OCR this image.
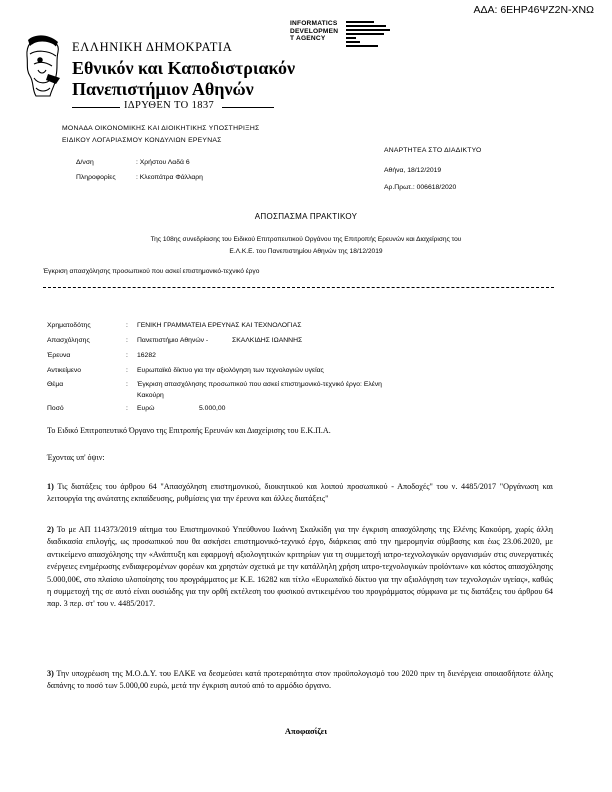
ΑΔΑ: 6ΕΗΡ46ΨΖ2Ν-ΧΝΩ
INFORMATICS
DEVELOPMEN
T AGENCY
ΕΛΛΗΝΙΚΗ ΔΗΜΟΚΡΑΤΙΑ
Εθνικόν και Καποδιστριακόν
Πανεπιστήμιον Αθηνών
ΙΔΡΥΘΕΝ ΤΟ 1837
ΜΟΝΑΔΑ ΟΙΚΟΝΟΜΙΚΗΣ ΚΑΙ ΔΙΟΙΚΗΤΙΚΗΣ ΥΠΟΣΤΗΡΙΞΗΣ
ΕΙΔΙΚΟΥ ΛΟΓΑΡΙΑΣΜΟΥ ΚΟΝΔΥΛΙΩΝ ΕΡΕΥΝΑΣ
Δ/νση	: Χρήστου Λαδά 6
Πληροφορίες	: Κλεοπάτρα Φάλλαρη
ΑΝΑΡΤΗΤΕΑ ΣΤΟ ΔΙΑΔΙΚΤΥΟ
Αθήνα, 18/12/2019
Αρ.Πρωτ.: 006618/2020
ΑΠΟΣΠΑΣΜΑ ΠΡΑΚΤΙΚΟΥ
Της 108ης συνεδρίασης του Ειδικού Επιτροπευτικού Οργάνου της Επιτροπής Ερευνών και Διαχείρισης του
Ε.Λ.Κ.Ε. του Πανεπιστημίου Αθηνών της 18/12/2019
Έγκριση απασχόλησης προσωπικού που ασκεί επιστημονικό-τεχνικό έργο
Χρηματοδότης	: ΓΕΝΙΚΗ ΓΡΑΜΜΑΤΕΙΑ ΕΡΕΥΝΑΣ ΚΑΙ ΤΕΧΝΟΛΟΓΙΑΣ
Απασχόλησης	: Πανεπιστήμιο Αθηνών -	ΣΚΑΛΚΙΔΗΣ ΙΩΑΝΝΗΣ
Έρευνα	: 16282
Αντικείμενο	: Ευρωπαϊκό δίκτυο για την αξιολόγηση των τεχνολογιών υγείας
Θέμα	: Έγκριση απασχόλησης προσωπικού που ασκεί επιστημονικό-τεχνικό έργο: Ελένη
Κακούρη
Ποσό	: Ευρώ	5.000,00
Το Ειδικό Επιτροπευτικό Όργανο της Επιτροπής Ερευνών και Διαχείρισης του Ε.Κ.Π.Α.
Έχοντας υπ' όψιν:
1) Τις διατάξεις του άρθρου 64 "Απασχόληση επιστημονικού, διοικητικού και λοιπού προσωπικού - Αποδοχές" του ν. 4485/2017 "Οργάνωση και λειτουργία της ανώτατης εκπαίδευσης, ρυθμίσεις για την έρευνα και άλλες διατάξεις"
2) Το με ΑΠ 114373/2019 αίτημα του Επιστημονικού Υπεύθυνου Ιωάννη Σκαλκίδη για την έγκριση απασχόλησης της Ελένης Κακούρη, χωρίς άλλη διαδικασία επιλογής, ως προσωπικού που θα ασκήσει επιστημονικό-τεχνικό έργο, διάρκειας από την ημερομηνία σύμβασης και έως 23.06.2020, με αντικείμενο απασχόλησης την «Ανάπτυξη και εφαρμογή αξιολογητικών κριτηρίων για τη συμμετοχή ιατρο-τεχνολογικών οργανισμών στις συνεργατικές ενέργειες ενημέρωσης ενδιαφερομένων φορέων και χρηστών σχετικά με την κατάλληλη χρήση ιατρο-τεχνολογικών προϊόντων» και κόστος απασχόλησης 5.000,00€, στο πλαίσιο υλοποίησης του προγράμματος με Κ.Ε. 16282 και τίτλο «Ευρωπαϊκό δίκτυο για την αξιολόγηση των τεχνολογιών υγείας», καθώς η συμμετοχή της σε αυτό είναι ουσιώδης για την ορθή εκτέλεση του φυσικού αντικειμένου του προγράμματος σύμφωνα με τις διατάξεις του άρθρου 64 παρ. 3 περ. στ' του ν. 4485/2017.
3) Την υποχρέωση της Μ.Ο.Δ.Υ. του ΕΛΚΕ να δεσμεύσει κατά προτεραιότητα στον προϋπολογισμό του 2020 πριν τη διενέργεια οποιασδήποτε άλλης δαπάνης το ποσό των 5.000,00 ευρώ, μετά την έγκριση αυτού από το αρμόδιο όργανο.
Αποφασίζει
